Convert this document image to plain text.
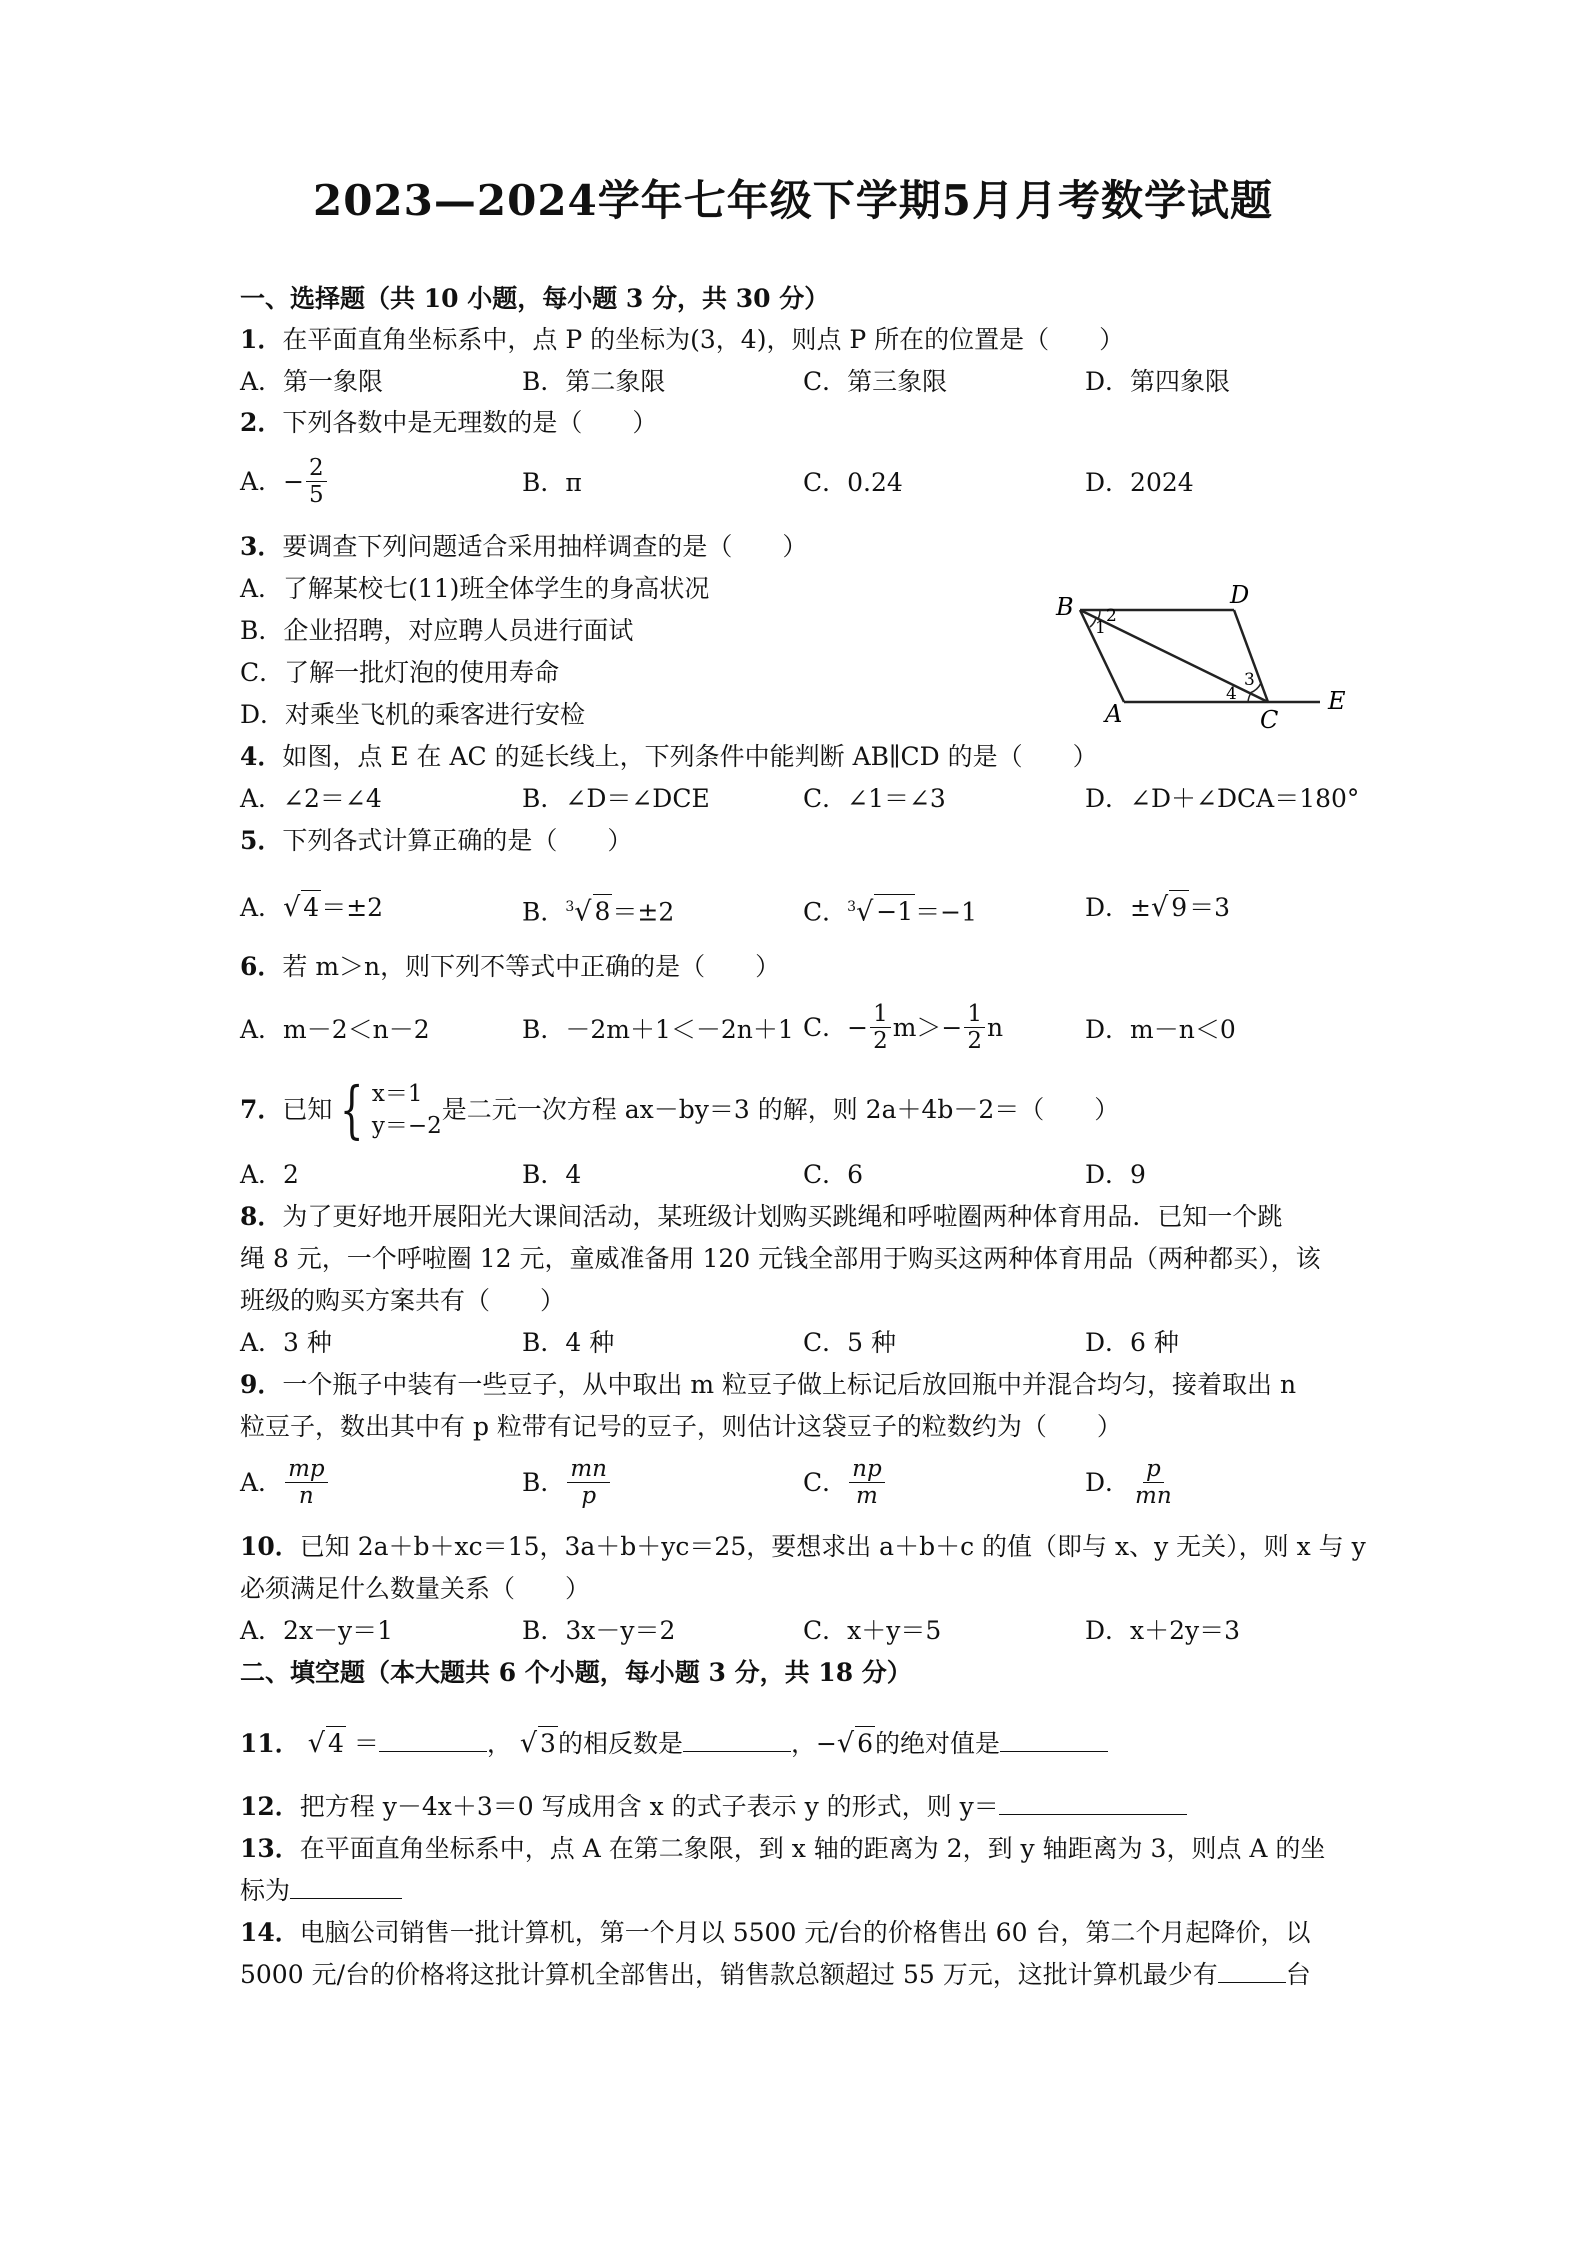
2023—2024学年七年级下学期5月月考数学试题
一、选择题（共 10 小题，每小题 3 分，共 30 分）
1．在平面直角坐标系中，点 P 的坐标为(3，4)，则点 P 所在的位置是（　　）
A．第一象限	B．第二象限	C．第三象限	D．第四象限
2．下列各数中是无理数的是（　　）
A． − $\frac{2}{5}$	B．π	C．0.24	D．2024
3．要调查下列问题适合采用抽样调查的是（　　）
A．了解某校七(11)班全体学生的身高状况
B．企业招聘，对应聘人员进行面试
C．了解一批灯泡的使用寿命
D．对乘坐飞机的乘客进行安检
B	D
A	C
E
1
2
3
4
4．如图，点 E 在 AC 的延长线上，下列条件中能判断 AB∥CD 的是（　　）
A．∠2＝∠4	B．∠D＝∠DCE	C．∠1＝∠3	D．∠D＋∠DCA＝180°
5．下列各式计算正确的是（　　）
A．√ 4＝±2	B．$^3$√ 8＝±2	C．$^3$√ −1＝−1	D．±√ 9＝3
6．若 m＞n，则下列不等式中正确的是（　　）
A．m－2＜n－2	B．－2m＋1＜－2n＋1 C．− $\frac{1}{2} m>- \frac{1}{2}$ n	D．m－n＜0
7． 已知 { x＝1
y＝−2
是二元一次方程 ax－by＝3 的解，则 2a＋4b－2＝（　　）
A．2	B．4	C．6	D．9
8．为了更好地开展阳光大课间活动，某班级计划购买跳绳和呼啦圈两种体育用品．已知一个跳
绳 8 元，一个呼啦圈 12 元，童威准备用 120 元钱全部用于购买这两种体育用品（两种都买），该
班级的购买方案共有（　　）
A．3 种	B．4 种	C．5 种	D．6 种
9．一个瓶子中装有一些豆子，从中取出 m 粒豆子做上标记后放回瓶中并混合均匀，接着取出 n
粒豆子，数出其中有 p 粒带有记号的豆子，则估计这袋豆子的粒数约为（　　）
A． $\frac{mp}{n}$	B． $\frac{mn}{p}$	C． $\frac{np}{m}$	D． $\frac{p}{mn}$
10．已知 2a＋b＋xc＝15，3a＋b＋yc＝25，要想求出 a＋b＋c 的值（即与 x、y 无关），则 x 与 y
必须满足什么数量关系（　　）
A．2x－y＝1	B．3x－y＝2	C．x＋y＝5	D．x＋2y＝3
二、填空题（本大题共 6 个小题，每小题 3 分，共 18 分）
11． √ 4 ＝	， √ 3的相反数是	，−√ 6的绝对值是
12．把方程 y－4x＋3＝0 写成用含 x 的式子表示 y 的形式，则 y＝
13．在平面直角坐标系中，点 A 在第二象限，到 x 轴的距离为 2，到 y 轴距离为 3，则点 A 的坐
标为
14．电脑公司销售一批计算机，第一个月以 5500 元/台的价格售出 60 台，第二个月起降价，以
5000 元/台的价格将这批计算机全部售出，销售款总额超过 55 万元，这批计算机最少有	台
